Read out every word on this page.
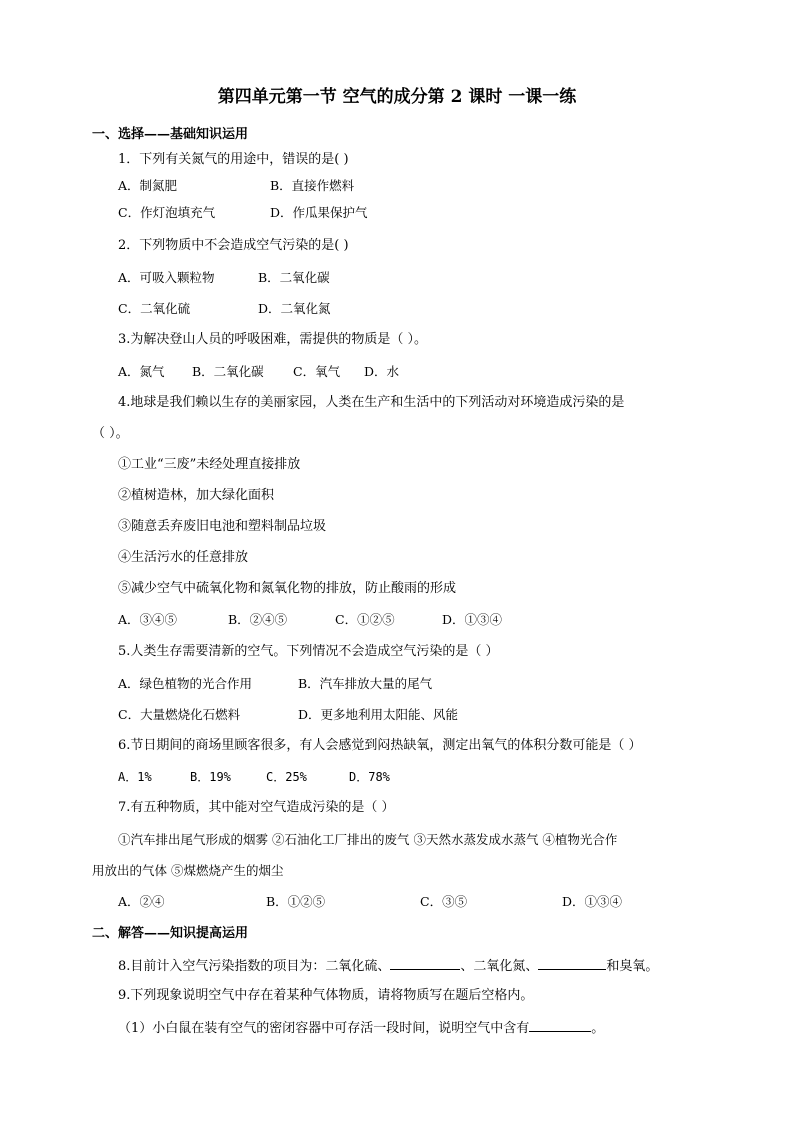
第四单元第一节 空气的成分第 2 课时 一课一练
一、选择——基础知识运用
1．下列有关氮气的用途中，错误的是( )
A．制氮肥	B．直接作燃料
C．作灯泡填充气	D．作瓜果保护气
2．下列物质中不会造成空气污染的是( )
A．可吸入颗粒物	B．二氧化碳
C．二氧化硫	D．二氧化氮
3.为解决登山人员的呼吸困难，需提供的物质是（ ）。
A．氮气 B．二氧化碳 C．氧气 D．水
4.地球是我们赖以生存的美丽家园，人类在生产和生活中的下列活动对环境造成污染的是
（ ）。
①工业“三废”未经处理直接排放
②植树造林，加大绿化面积
③随意丢弃废旧电池和塑料制品垃圾
④生活污水的任意排放
⑤减少空气中硫氧化物和氮氧化物的排放，防止酸雨的形成
A．③④⑤	B．②④⑤	C．①②⑤	D．①③④
5.人类生存需要清新的空气。下列情况不会造成空气污染的是（ ）
A．绿色植物的光合作用	B．汽车排放大量的尾气
C．大量燃烧化石燃料	D．更多地利用太阳能、风能
6.节日期间的商场里顾客很多，有人会感觉到闷热缺氧，测定出氧气的体积分数可能是（ ）
A．1%	B．19%	C．25%	D．78%
7.有五种物质，其中能对空气造成污染的是（ ）
①汽车排出尾气形成的烟雾 ②石油化工厂排出的废气 ③天然水蒸发成水蒸气 ④植物光合作
用放出的气体 ⑤煤燃烧产生的烟尘
A．②④	B．①②⑤	C．③⑤	D．①③④
二、解答——知识提高运用
8.目前计入空气污染指数的项目为：二氧化硫、	、二氧化氮、	和臭氧。
9.下列现象说明空气中存在着某种气体物质，请将物质写在题后空格内。
（1）小白鼠在装有空气的密闭容器中可存活一段时间，说明空气中含有	。
